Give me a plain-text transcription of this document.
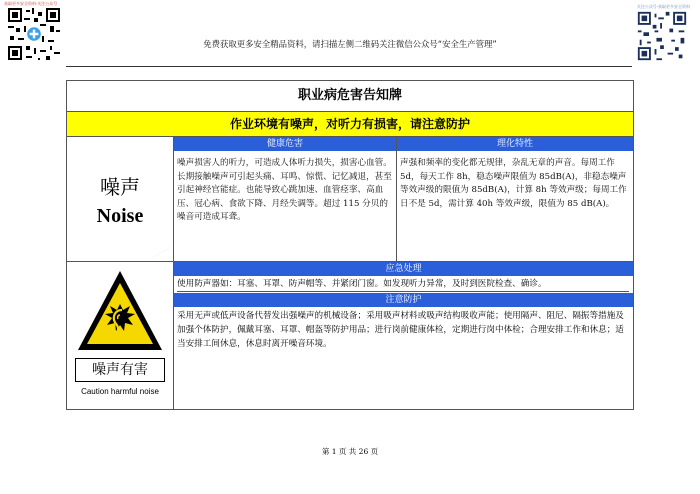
获取更多安全资料·关注公众号
关注公众号·获取更多安全资料
免费获取更多安全精品资料，请扫描左侧二维码关注微信公众号“安全生产管理”
··················
职业病危害告知牌
作业环境有噪声，对听力有损害，请注意防护
噪声
Noise
健康危害	理化特性
噪声损害人的听力，可造成人体听力损失，损害心血管。长期接触噪声可引起头痛、耳鸣、惊慌、记忆减退，甚至引起神经官能症。也能导致心跳加速、血管痉挛、高血压、冠心病、食欲下降、月经失调等。超过 115 分贝的噪音可造成耳聋。
声强和频率的变化都无规律，杂乱无章的声音。每周工作 5d，每天工作 8h，稳态噪声限值为 85dB(A)，非稳态噪声等效声级的限值为 85dB(A)，计算 8h 等效声级；每周工作日不是 5d，需计算 40h 等效声级，限值为 85 dB(A)。
噪声有害
Caution harmful noise
应急处理
使用防声器如：耳塞、耳罩、防声帽等、并紧闭门窗。如发现听力异常，及时到医院检查、确诊。
注意防护
采用无声或低声设备代替发出强噪声的机械设备；采用吸声材料或吸声结构吸收声能；使用隔声、阻尼、隔振等措施及加强个体防护，佩戴耳塞、耳罩、帽盔等防护用品；进行岗前健康体检，定期进行岗中体检；合理安排工作和休息；适当安排工间休息，休息时离开噪音环境。
第 1 页 共 26 页
